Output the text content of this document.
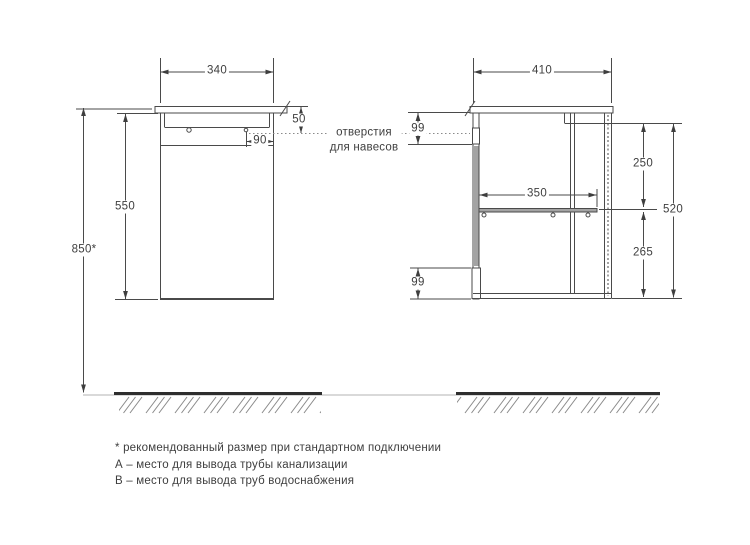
340
50
90
550
850*
410
99
350
250
520
265
99
отверстия
для навесов
* рекомендованный размер при стандартном подключении
А – место для вывода трубы канализации
В – место для вывода труб водоснабжения
